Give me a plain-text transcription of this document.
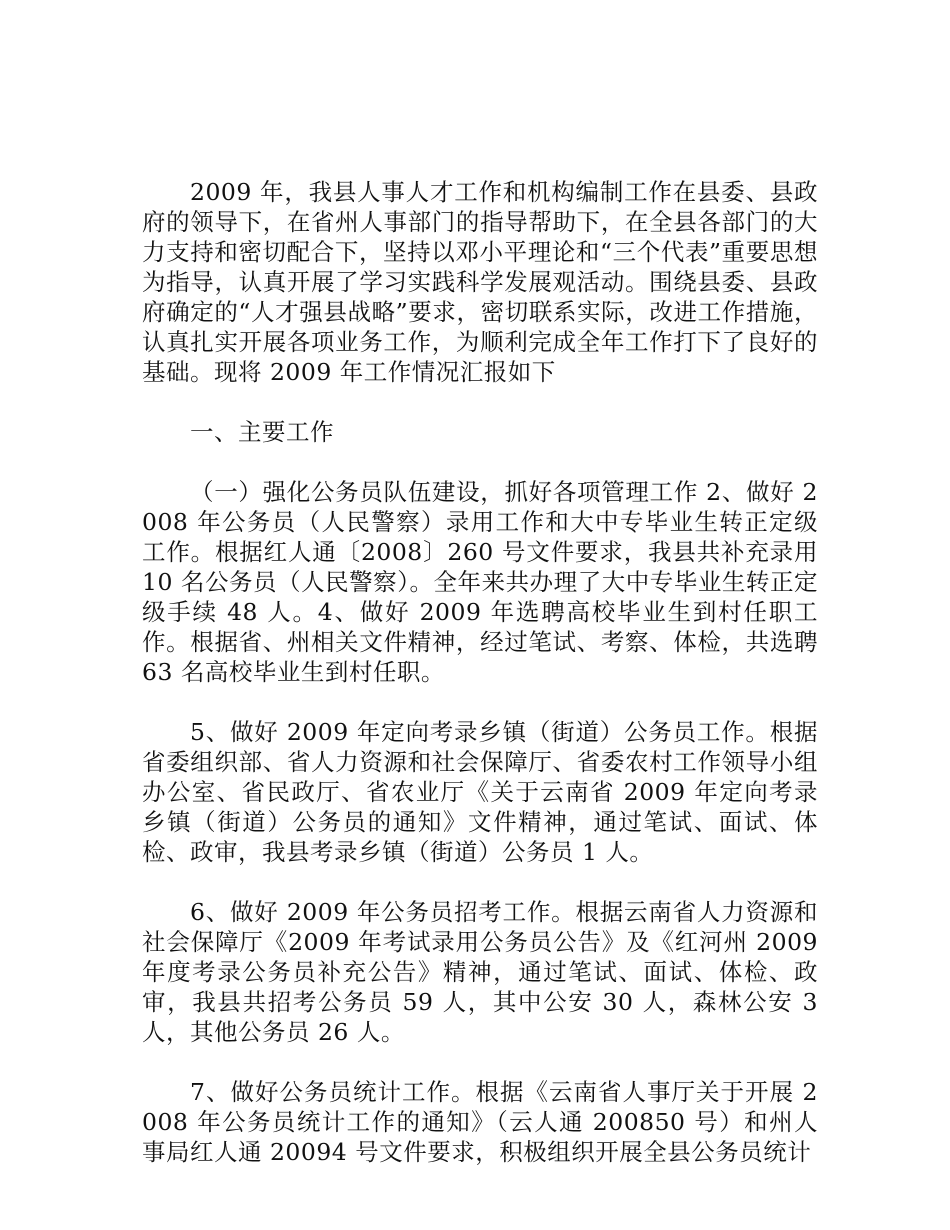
2009 年，我县人事人才工作和机构编制工作在县委、县政府的领导下，在省州人事部门的指导帮助下，在全县各部门的大力支持和密切配合下，坚持以邓小平理论和“三个代表”重要思想为指导，认真开展了学习实践科学发展观活动。围绕县委、县政府确定的“人才强县战略”要求，密切联系实际，改进工作措施，认真扎实开展各项业务工作，为顺利完成全年工作打下了良好的基础。现将 2009 年工作情况汇报如下

一、主要工作

（一）强化公务员队伍建设，抓好各项管理工作 2、做好 2008 年公务员（人民警察）录用工作和大中专毕业生转正定级工作。根据红人通〔2008〕260 号文件要求，我县共补充录用 10 名公务员（人民警察）。全年来共办理了大中专毕业生转正定级手续 48 人。4、做好 2009 年选聘高校毕业生到村任职工作。根据省、州相关文件精神，经过笔试、考察、体检，共选聘 63 名高校毕业生到村任职。

5、做好 2009 年定向考录乡镇（街道）公务员工作。根据省委组织部、省人力资源和社会保障厅、省委农村工作领导小组办公室、省民政厅、省农业厅《关于云南省 2009 年定向考录乡镇（街道）公务员的通知》文件精神，通过笔试、面试、体检、政审，我县考录乡镇（街道）公务员 1 人。

6、做好 2009 年公务员招考工作。根据云南省人力资源和社会保障厅《2009 年考试录用公务员公告》及《红河州 2009 年度考录公务员补充公告》精神，通过笔试、面试、体检、政审，我县共招考公务员 59 人，其中公安 30 人，森林公安 3 人，其他公务员 26 人。

7、做好公务员统计工作。根据《云南省人事厅关于开展 2008 年公务员统计工作的通知》（云人通 200850 号）和州人事局红人通 20094 号文件要求，积极组织开展全县公务员统计
